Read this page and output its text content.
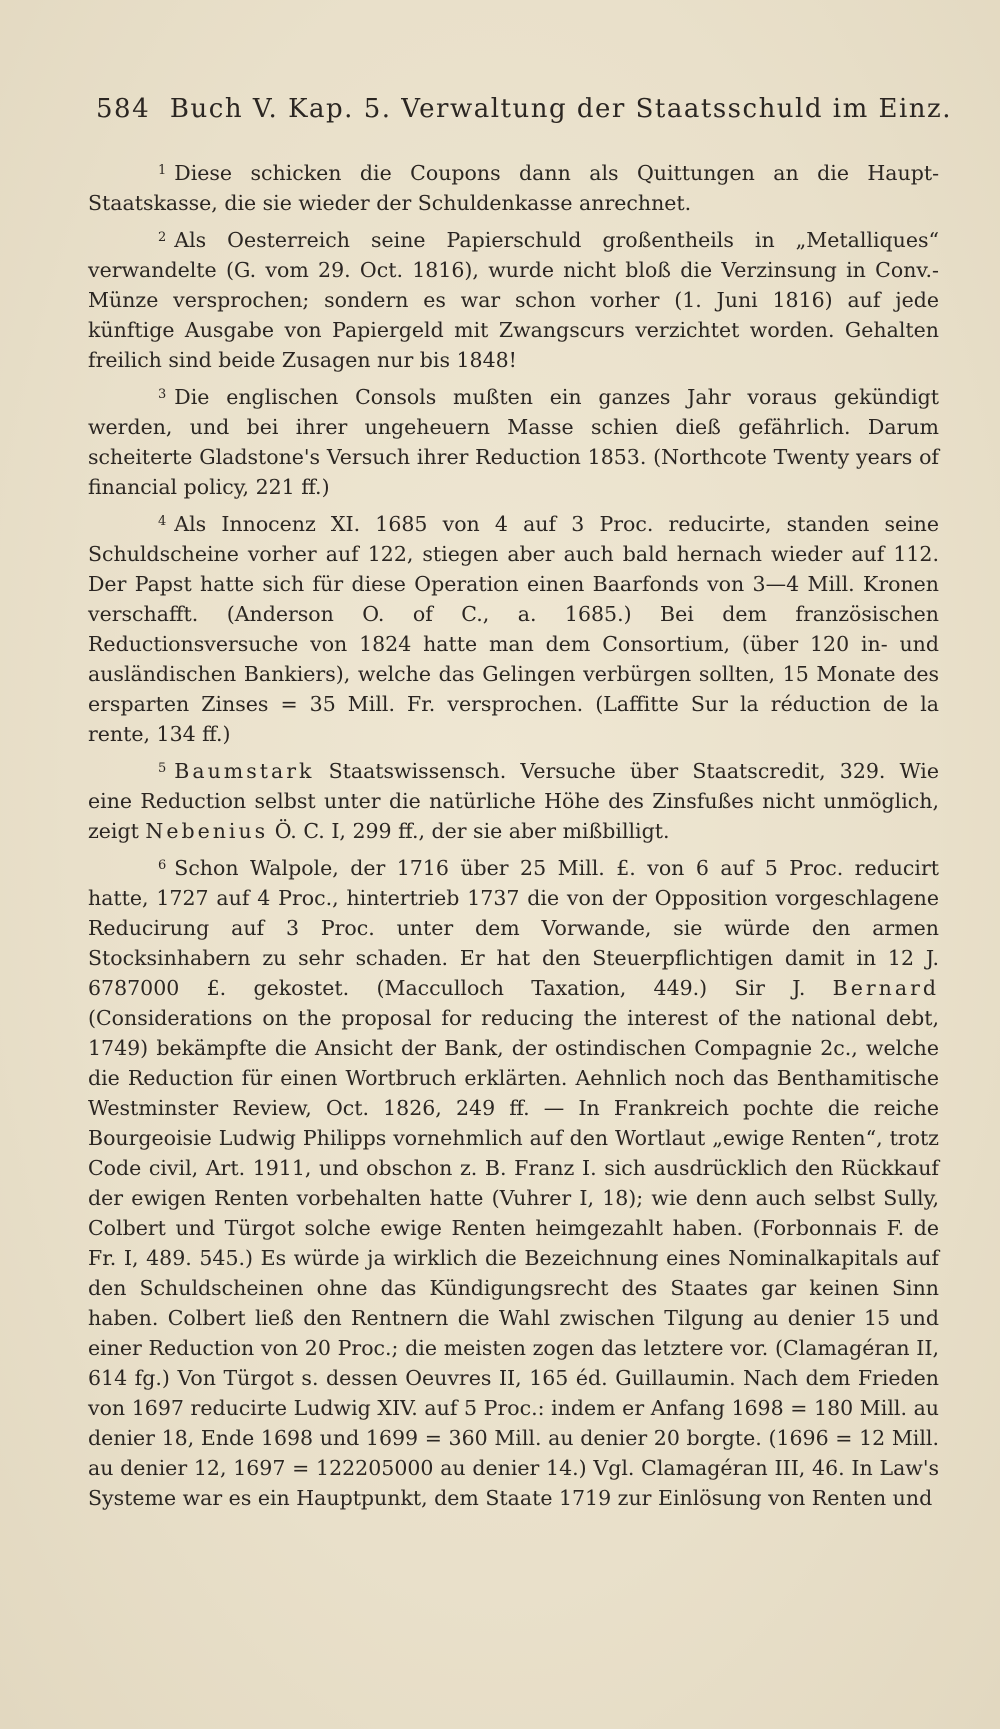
584 Buch V. Kap. 5. Verwaltung der Staatsschuld im Einz.

$^1$ Diese schicken die Coupons dann als Quittungen an die Haupt-Staatskasse, die sie wieder der Schuldenkasse anrechnet.

$^2$ Als Oesterreich seine Papierschuld großentheils in „Metalliques“ verwandelte (G. vom 29. Oct. 1816), wurde nicht bloß die Verzinsung in Conv.-Münze versprochen; sondern es war schon vorher (1. Juni 1816) auf jede künftige Ausgabe von Papiergeld mit Zwangscurs verzichtet worden. Gehalten freilich sind beide Zusagen nur bis 1848!

$^3$ Die englischen Consols mußten ein ganzes Jahr voraus gekündigt werden, und bei ihrer ungeheuern Masse schien dieß gefährlich. Darum scheiterte Gladstone's Versuch ihrer Reduction 1853. (Northcote Twenty years of financial policy, 221 ff.)

$^4$ Als Innocenz XI. 1685 von 4 auf 3 Proc. reducirte, standen seine Schuldscheine vorher auf 122, stiegen aber auch bald hernach wieder auf 112. Der Papst hatte sich für diese Operation einen Baarfonds von 3—4 Mill. Kronen verschafft. (Anderson O. of C., a. 1685.) Bei dem französischen Reductionsversuche von 1824 hatte man dem Consortium, (über 120 in- und ausländischen Bankiers), welche das Gelingen verbürgen sollten, 15 Monate des ersparten Zinses = 35 Mill. Fr. versprochen. (Laffitte Sur la réduction de la rente, 134 ff.)

$^5$ Baumstark Staatswissensch. Versuche über Staatscredit, 329. Wie eine Reduction selbst unter die natürliche Höhe des Zinsfußes nicht unmöglich, zeigt Nebenius Ö. C. I, 299 ff., der sie aber mißbilligt.

$^6$ Schon Walpole, der 1716 über 25 Mill. £. von 6 auf 5 Proc. reducirt hatte, 1727 auf 4 Proc., hintertrieb 1737 die von der Opposition vorgeschlagene Reducirung auf 3 Proc. unter dem Vorwande, sie würde den armen Stocksinhabern zu sehr schaden. Er hat den Steuerpflichtigen damit in 12 J. 6787000 £. gekostet. (Macculloch Taxation, 449.) Sir J. Bernard (Considerations on the proposal for reducing the interest of the national debt, 1749) bekämpfte die Ansicht der Bank, der ostindischen Compagnie 2c., welche die Reduction für einen Wortbruch erklärten. Aehnlich noch das Benthamitische Westminster Review, Oct. 1826, 249 ff. — In Frankreich pochte die reiche Bourgeoisie Ludwig Philipps vornehmlich auf den Wortlaut „ewige Renten“, trotz Code civil, Art. 1911, und obschon z. B. Franz I. sich ausdrücklich den Rückkauf der ewigen Renten vorbehalten hatte (Vuhrer I, 18); wie denn auch selbst Sully, Colbert und Türgot solche ewige Renten heimgezahlt haben. (Forbonnais F. de Fr. I, 489. 545.) Es würde ja wirklich die Bezeichnung eines Nominalkapitals auf den Schuldscheinen ohne das Kündigungsrecht des Staates gar keinen Sinn haben. Colbert ließ den Rentnern die Wahl zwischen Tilgung au denier 15 und einer Reduction von 20 Proc.; die meisten zogen das letztere vor. (Clamagéran II, 614 fg.) Von Türgot s. dessen Oeuvres II, 165 éd. Guillaumin. Nach dem Frieden von 1697 reducirte Ludwig XIV. auf 5 Proc.: indem er Anfang 1698 = 180 Mill. au denier 18, Ende 1698 und 1699 = 360 Mill. au denier 20 borgte. (1696 = 12 Mill. au denier 12, 1697 = 122205000 au denier 14.) Vgl. Clamagéran III, 46. In Law's Systeme war es ein Hauptpunkt, dem Staate 1719 zur Einlösung von Renten und
